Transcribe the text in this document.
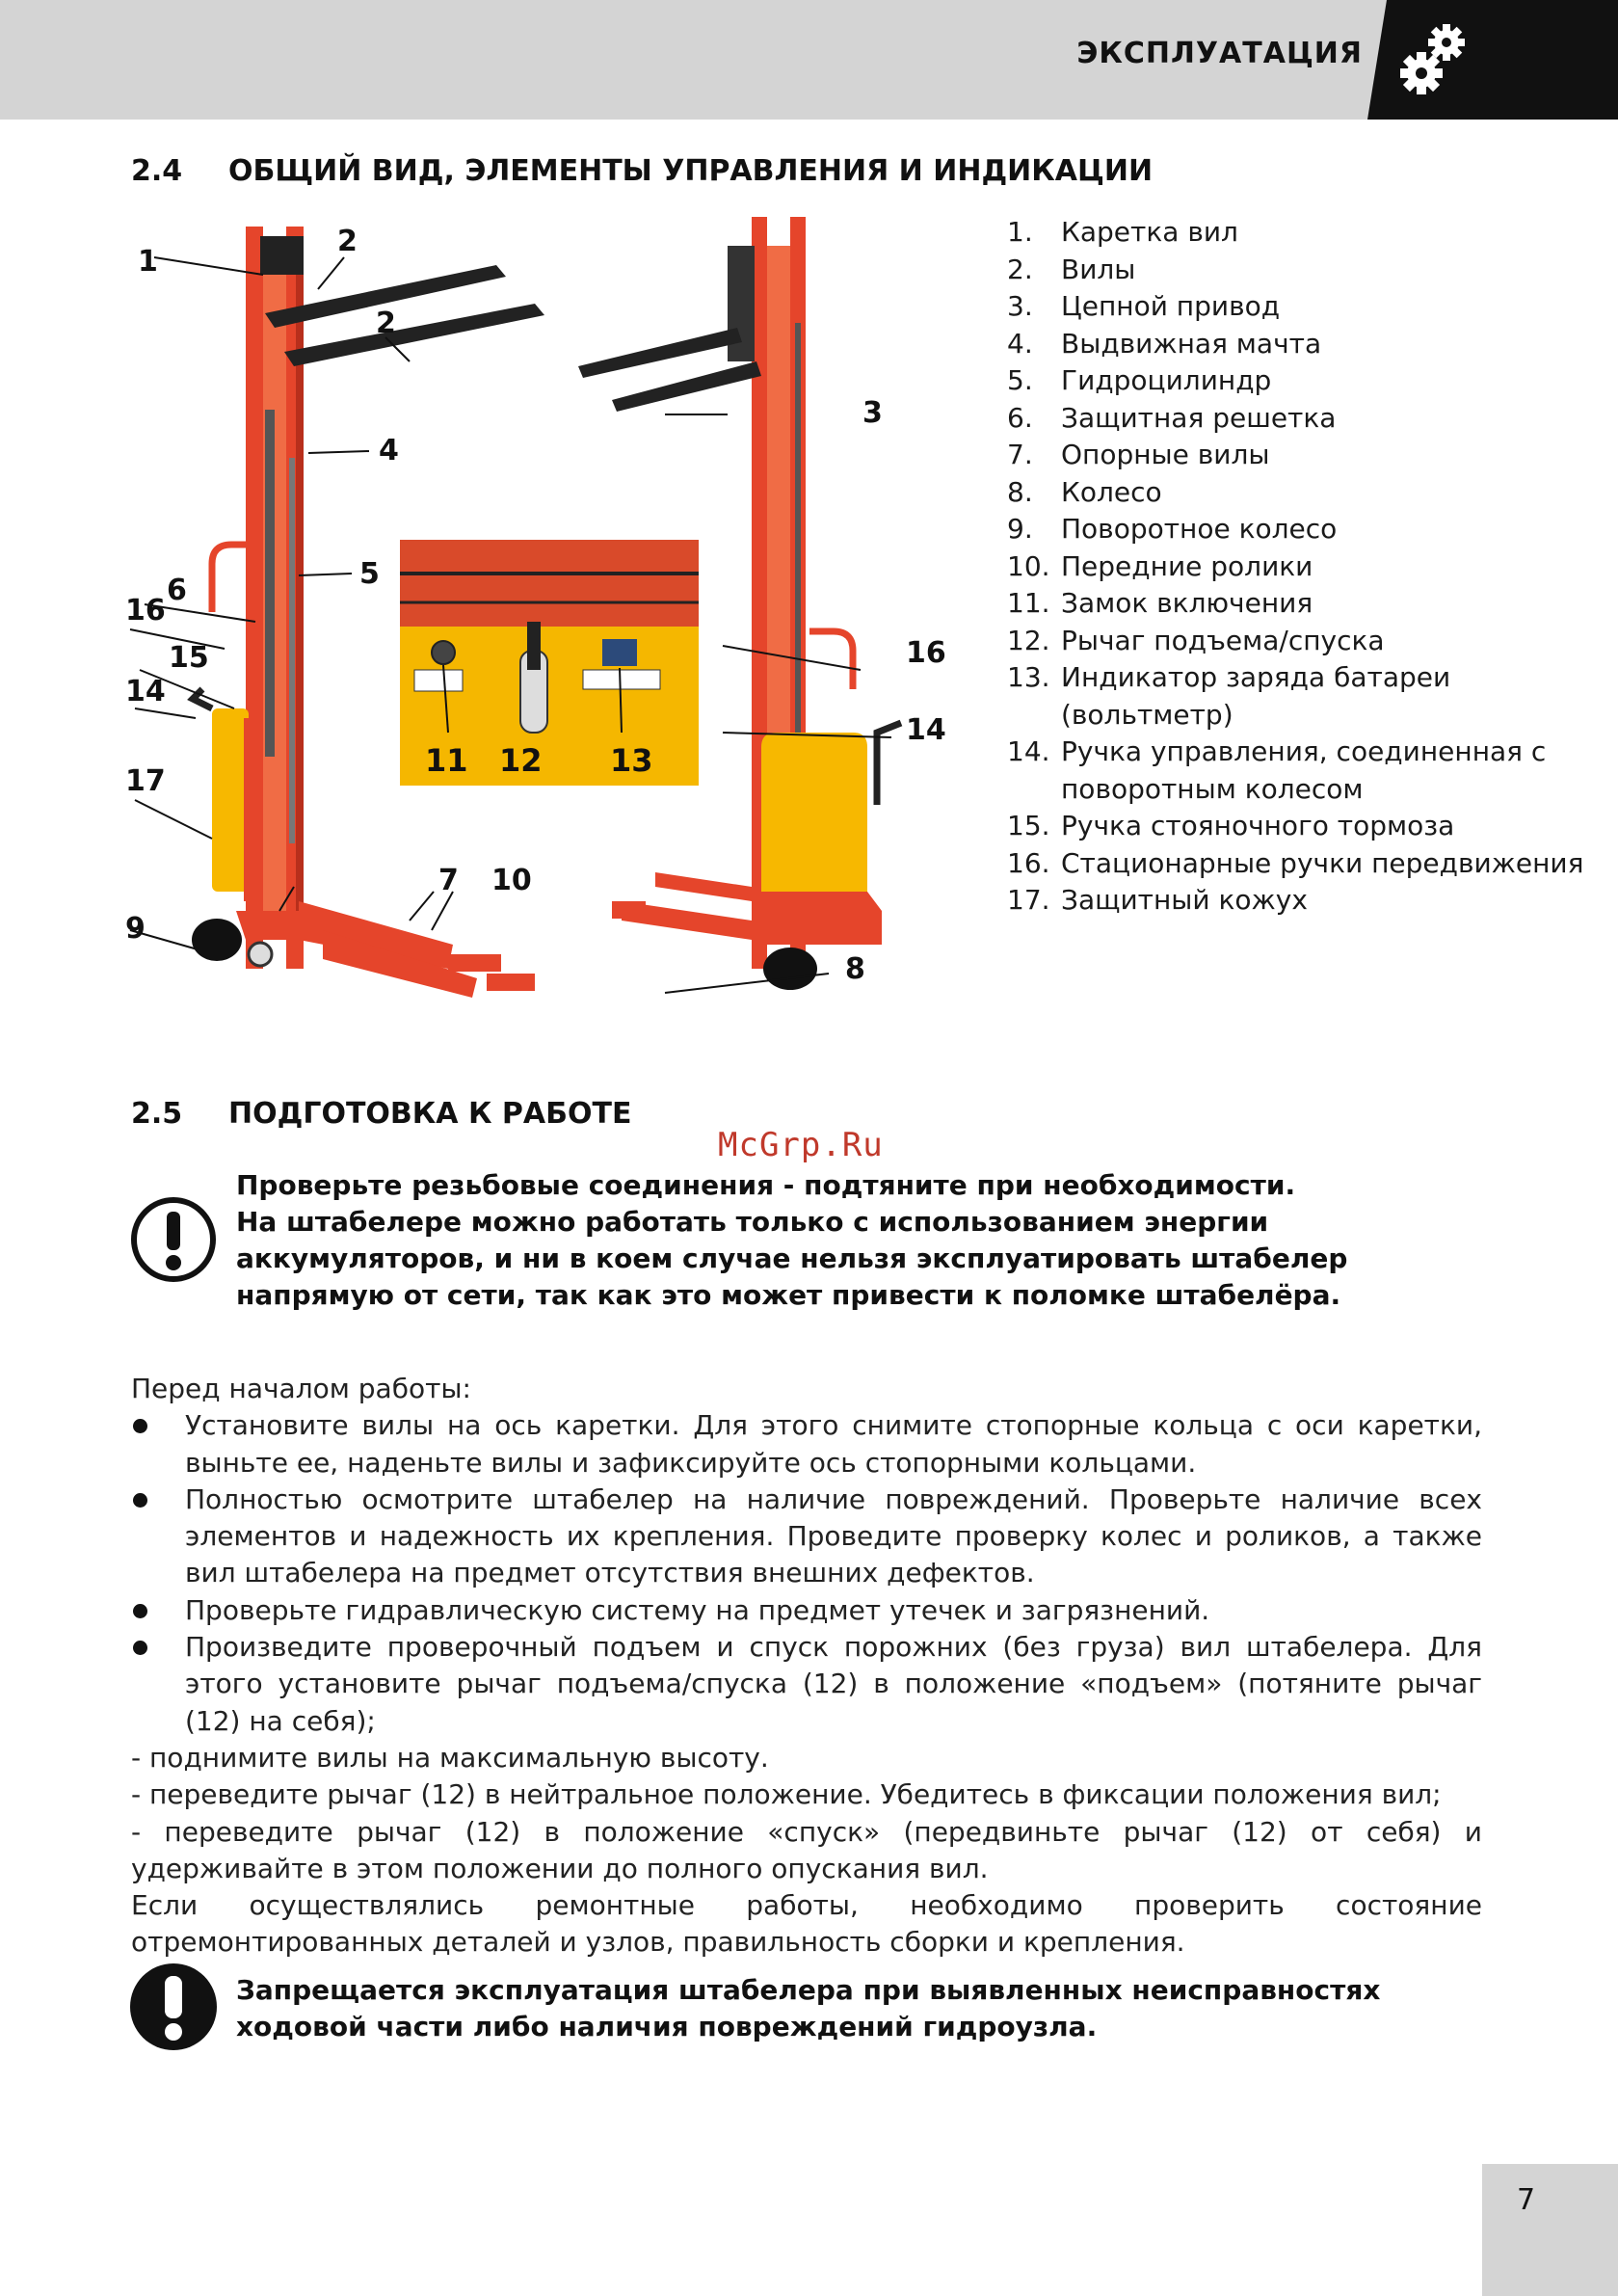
ЭКСПЛУАТАЦИЯ
2.4 ОБЩИЙ ВИД, ЭЛЕМЕНТЫ УПРАВЛЕНИЯ И ИНДИКАЦИИ
1
2
2
3
4
5
6
16
15
14
17
7 10
9
16
14
8
11 12 13
1. Каретка вил
2. Вилы
3. Цепной привод
4. Выдвижная мачта
5. Гидроцилиндр
6. Защитная решетка
7. Опорные вилы
8. Колесо
9. Поворотное колесо
10. Передние ролики
11. Замок включения
12. Рычаг подъема/спуска
13. Индикатор заряда батареи (вольтметр)
14. Ручка управления, соединенная с поворотным колесом
15. Ручка стояночного тормоза
16. Стационарные ручки передвижения
17. Защитный кожух
2.5 ПОДГОТОВКА К РАБОТЕ
McGrp.Ru

Проверьте резьбовые соединения - подтяните при необходимости.

На штабелере можно работать только с использованием энергии аккумуляторов, и ни в коем случае нельзя эксплуатировать штабелер напрямую от сети, так как это может привести к поломке штабелёра.

Перед началом работы:

Установите вилы на ось каретки. Для этого снимите стопорные кольца с оси каретки, выньте ее, наденьте вилы и зафиксируйте ось стопорными кольцами.

Полностью осмотрите штабелер на наличие повреждений. Проверьте наличие всех элементов и надежность их крепления. Проведите проверку колес и роликов, а также вил штабелера на предмет отсутствия внешних дефектов.

Проверьте гидравлическую систему на предмет утечек и загрязнений.

Произведите проверочный подъем и спуск порожних (без груза) вил штабелера. Для этого установите рычаг подъема/спуска (12) в положение «подъем» (потяните рычаг (12) на себя);

- поднимите вилы на максимальную высоту.

- переведите рычаг (12) в нейтральное положение. Убедитесь в фиксации положения вил;

- переведите рычаг (12) в положение «спуск» (передвиньте рычаг (12) от себя) и удерживайте в этом положении до полного опускания вил.

Если осуществлялись ремонтные работы, необходимо проверить состояние отремонтированных деталей и узлов, правильность сборки и крепления.

Запрещается эксплуатация штабелера при выявленных неисправностях ходовой части либо наличия повреждений гидроузла.

7
